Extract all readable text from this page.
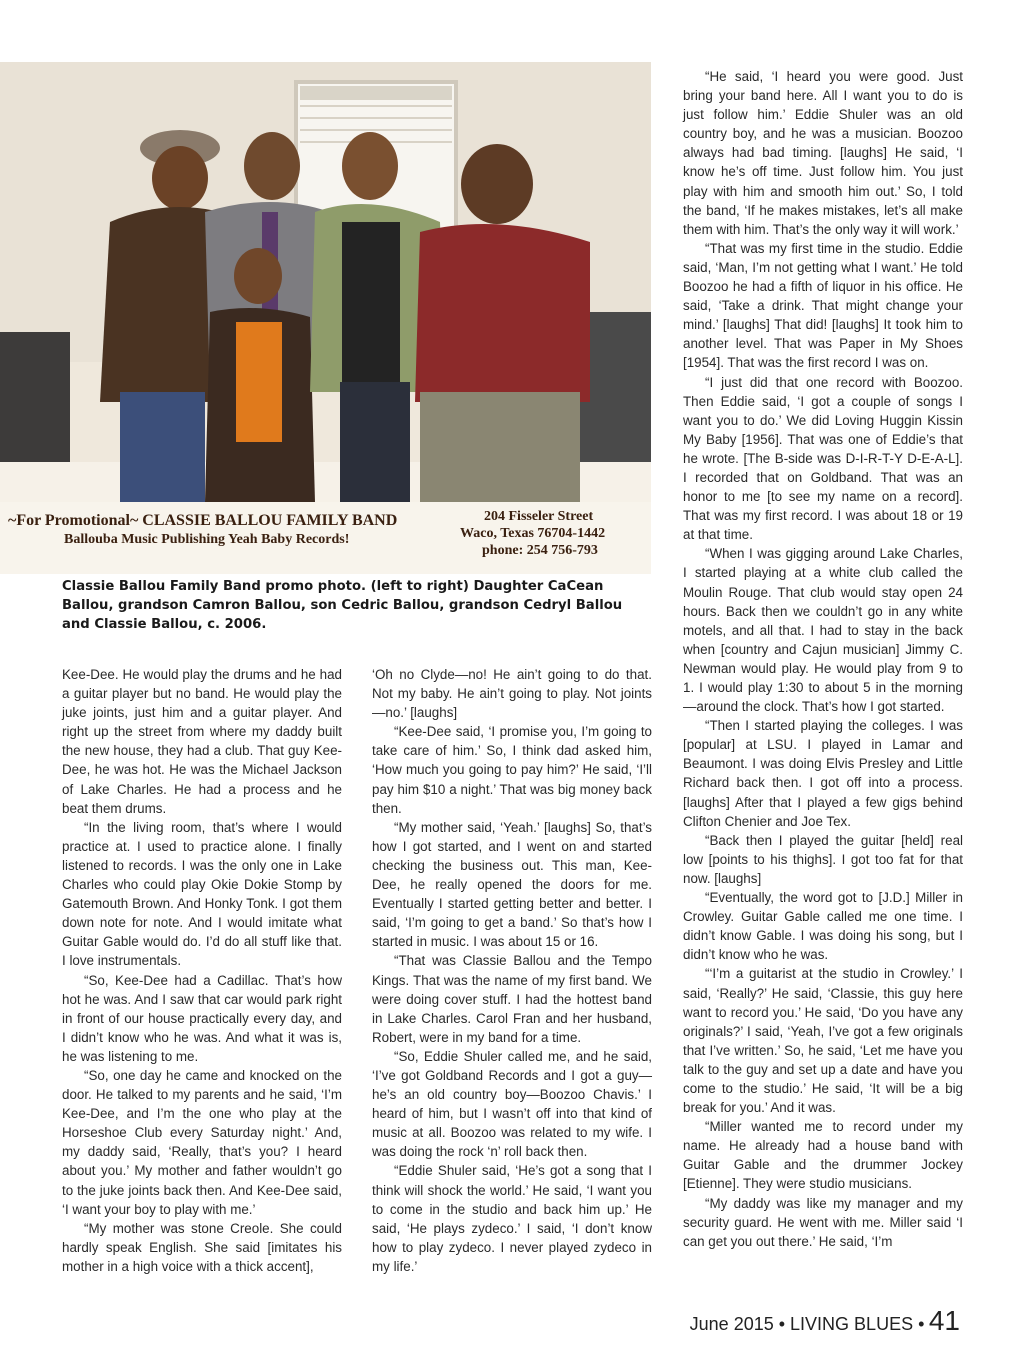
~For Promotional~ CLASSIE BALLOU FAMILY BAND
Ballouba Music Publishing Yeah Baby Records!
204 Fisseler Street
Waco, Texas 76704-1442
phone: 254 756-793
Classie Ballou Family Band promo photo. (left to right) Daughter CaCean Ballou, grandson Camron Ballou, son Cedric Ballou, grandson Cedryl Ballou and Classie Ballou, c. 2006.

Kee-Dee. He would play the drums and he had a guitar player but no band. He would play the juke joints, just him and a guitar player. And right up the street from where my daddy built the new house, they had a club. That guy Kee-Dee, he was hot. He was the Michael Jackson of Lake Charles. He had a process and he beat them drums.

“In the living room, that’s where I would practice at. I used to practice alone. I finally listened to records. I was the only one in Lake Charles who could play Okie Dokie Stomp by Gatemouth Brown. And Honky Tonk. I got them down note for note. And I would imitate what Guitar Gable would do. I’d do all stuff like that. I love instrumentals.

“So, Kee-Dee had a Cadillac. That’s how hot he was. And I saw that car would park right in front of our house practically every day, and I didn’t know who he was. And what it was is, he was listening to me.

“So, one day he came and knocked on the door. He talked to my parents and he said, ‘I’m Kee-Dee, and I’m the one who play at the Horseshoe Club every Saturday night.’ And, my daddy said, ‘Really, that’s you? I heard about you.’ My mother and father wouldn’t go to the juke joints back then. And Kee-Dee said, ‘I want your boy to play with me.’

“My mother was stone Creole. She could hardly speak English. She said [imitates his mother in a high voice with a thick accent],

‘Oh no Clyde—no! He ain’t going to do that. Not my baby. He ain’t going to play. Not joints—no.’ [laughs]

“Kee-Dee said, ‘I promise you, I’m going to take care of him.’ So, I think dad asked him, ‘How much you going to pay him?’ He said, ‘I’ll pay him $10 a night.’ That was big money back then.

“My mother said, ‘Yeah.’ [laughs] So, that’s how I got started, and I went on and started checking the business out. This man, Kee-Dee, he really opened the doors for me. Eventually I started getting better and better. I said, ‘I’m going to get a band.’ So that’s how I started in music. I was about 15 or 16.

“That was Classie Ballou and the Tempo Kings. That was the name of my first band. We were doing cover stuff. I had the hottest band in Lake Charles. Carol Fran and her husband, Robert, were in my band for a time.

“So, Eddie Shuler called me, and he said, ‘I’ve got Goldband Records and I got a guy—he’s an old country boy—Boozoo Chavis.’ I heard of him, but I wasn’t off into that kind of music at all. Boozoo was related to my wife. I was doing the rock ‘n’ roll back then.

“Eddie Shuler said, ‘He’s got a song that I think will shock the world.’ He said, ‘I want you to come in the studio and back him up.’ He said, ‘He plays zydeco.’ I said, ‘I don’t know how to play zydeco. I never played zydeco in my life.’

“He said, ‘I heard you were good. Just bring your band here. All I want you to do is just follow him.’ Eddie Shuler was an old country boy, and he was a musician. Boozoo always had bad timing. [laughs] He said, ‘I know he’s off time. Just follow him. You just play with him and smooth him out.’ So, I told the band, ‘If he makes mistakes, let’s all make them with him. That’s the only way it will work.’

“That was my first time in the studio. Eddie said, ‘Man, I’m not getting what I want.’ He told Boozoo he had a fifth of liquor in his office. He said, ‘Take a drink. That might change your mind.’ [laughs] That did! [laughs] It took him to another level. That was Paper in My Shoes [1954]. That was the first record I was on.

“I just did that one record with Boozoo. Then Eddie said, ‘I got a couple of songs I want you to do.’ We did Loving Huggin Kissin My Baby [1956]. That was one of Eddie’s that he wrote. [The B-side was D-I-R-T-Y D-E-A-L]. I recorded that on Goldband. That was an honor to me [to see my name on a record]. That was my first record. I was about 18 or 19 at that time.

“When I was gigging around Lake Charles, I started playing at a white club called the Moulin Rouge. That club would stay open 24 hours. Back then we couldn’t go in any white motels, and all that. I had to stay in the back when [country and Cajun musician] Jimmy C. Newman would play. He would play from 9 to 1. I would play 1:30 to about 5 in the morning—around the clock. That’s how I got started.

“Then I started playing the colleges. I was [popular] at LSU. I played in Lamar and Beaumont. I was doing Elvis Presley and Little Richard back then. I got off into a process. [laughs] After that I played a few gigs behind Clifton Chenier and Joe Tex.

“Back then I played the guitar [held] real low [points to his thighs]. I got too fat for that now. [laughs]

“Eventually, the word got to [J.D.] Miller in Crowley. Guitar Gable called me one time. I didn’t know Gable. I was doing his song, but I didn’t know who he was.

“‘I’m a guitarist at the studio in Crowley.’ I said, ‘Really?’ He said, ‘Classie, this guy here want to record you.’ He said, ‘Do you have any originals?’ I said, ‘Yeah, I’ve got a few originals that I’ve written.’ So, he said, ‘Let me have you talk to the guy and set up a date and have you come to the studio.’ He said, ‘It will be a big break for you.’ And it was.

“Miller wanted me to record under my name. He already had a house band with Guitar Gable and the drummer Jockey [Etienne]. They were studio musicians.

“My daddy was like my manager and my security guard. He went with me. Miller said ‘I can get you out there.’ He said, ‘I’m

June 2015 • LIVING BLUES • 41
